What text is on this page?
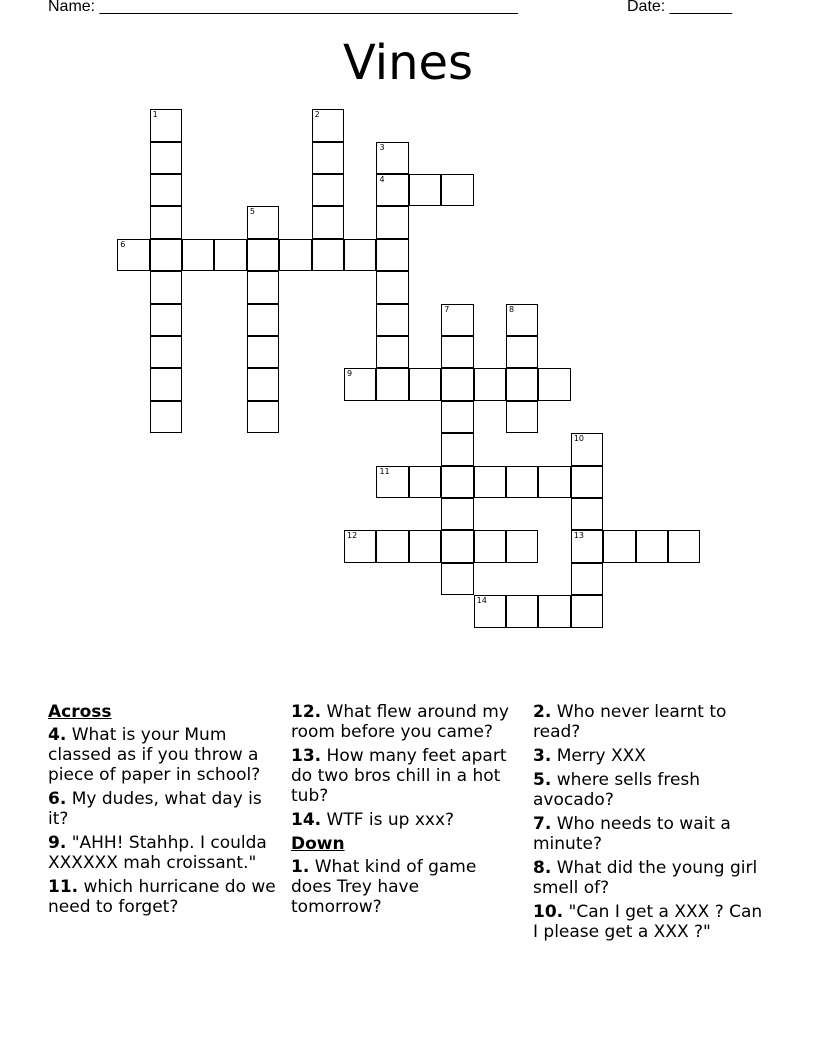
Name: _______________________________________________	Date: _______
Vines
1	2
3
4
5
6
7	8
9
10
13
11
12
14
Across
4. What is your Mum classed as if you throw a piece of paper in school?
6. My dudes, what day is it?
9. "AHH! Stahhp. I coulda XXXXXX mah croissant."
11. which hurricane do we need to forget?
12. What flew around my room before you came?
13. How many feet apart do two bros chill in a hot tub?
14. WTF is up xxx?
Down
1. What kind of game does Trey have tomorrow?
2. Who never learnt to read?
3. Merry XXX
5. where sells fresh avocado?
7. Who needs to wait a minute?
8. What did the young girl smell of?
10. "Can I get a XXX ? Can I please get a XXX ?"
